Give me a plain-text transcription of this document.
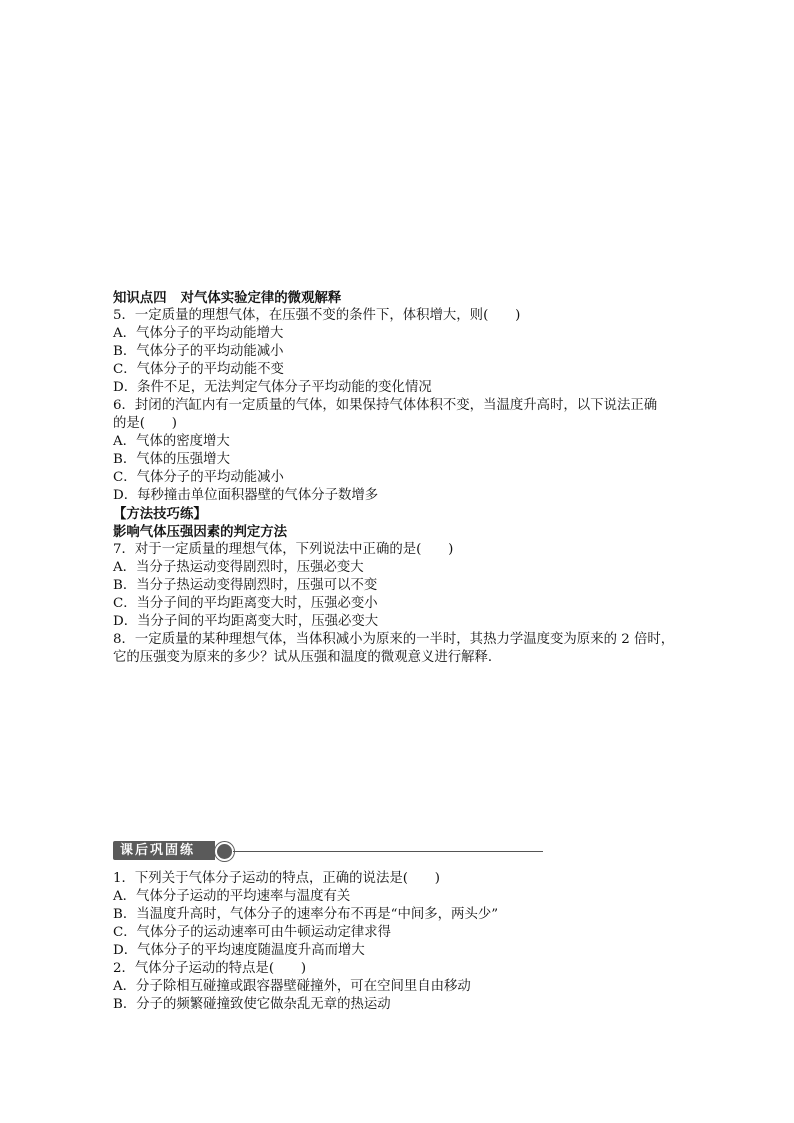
知识点四 对气体实验定律的微观解释
5．一定质量的理想气体，在压强不变的条件下，体积增大，则(　　)
A．气体分子的平均动能增大
B．气体分子的平均动能减小
C．气体分子的平均动能不变
D．条件不足，无法判定气体分子平均动能的变化情况
6．封闭的汽缸内有一定质量的气体，如果保持气体体积不变，当温度升高时，以下说法正确
的是(　　)
A．气体的密度增大
B．气体的压强增大
C．气体分子的平均动能减小
D．每秒撞击单位面积器壁的气体分子数增多
【方法技巧练】
影响气体压强因素的判定方法
7．对于一定质量的理想气体，下列说法中正确的是(　　)
A．当分子热运动变得剧烈时，压强必变大
B．当分子热运动变得剧烈时，压强可以不变
C．当分子间的平均距离变大时，压强必变小
D．当分子间的平均距离变大时，压强必变大
8．一定质量的某种理想气体，当体积减小为原来的一半时，其热力学温度变为原来的 2 倍时，
它的压强变为原来的多少？试从压强和温度的微观意义进行解释．
课后巩固练
1．下列关于气体分子运动的特点，正确的说法是(　　)
A．气体分子运动的平均速率与温度有关
B．当温度升高时，气体分子的速率分布不再是“中间多，两头少”
C．气体分子的运动速率可由牛顿运动定律求得
D．气体分子的平均速度随温度升高而增大
2．气体分子运动的特点是(　　)
A．分子除相互碰撞或跟容器壁碰撞外，可在空间里自由移动
B．分子的频繁碰撞致使它做杂乱无章的热运动
